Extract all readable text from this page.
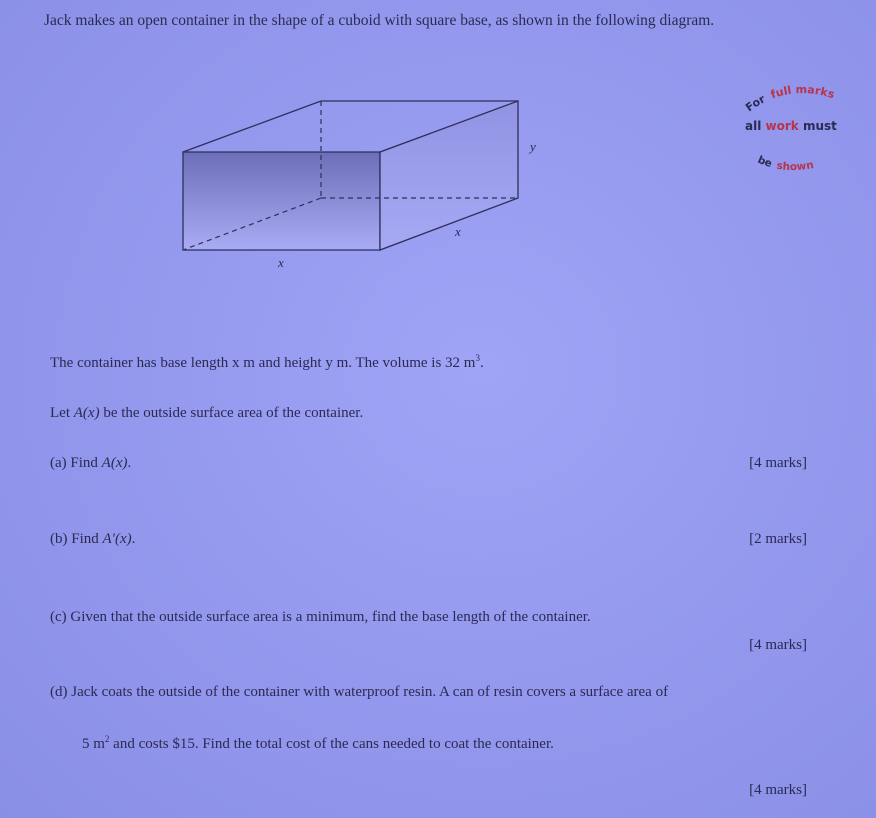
Jack makes an open container in the shape of a cuboid with square base, as shown in the following diagram.
x
x
y
For full marks
be shown
all work must
The container has base length x m and height y m. The volume is 32 $m^3$.
Let A(x) be the outside surface area of the container.
(a) Find A(x).	[4 marks]
(b) Find A′(x).	[2 marks]
(c) Given that the outside surface area is a minimum, find the base length of the container.
[4 marks]
(d) Jack coats the outside of the container with waterproof resin. A can of resin covers a surface area of
5 $m^2$ and costs $15. Find the total cost of the cans needed to coat the container.
[4 marks]
